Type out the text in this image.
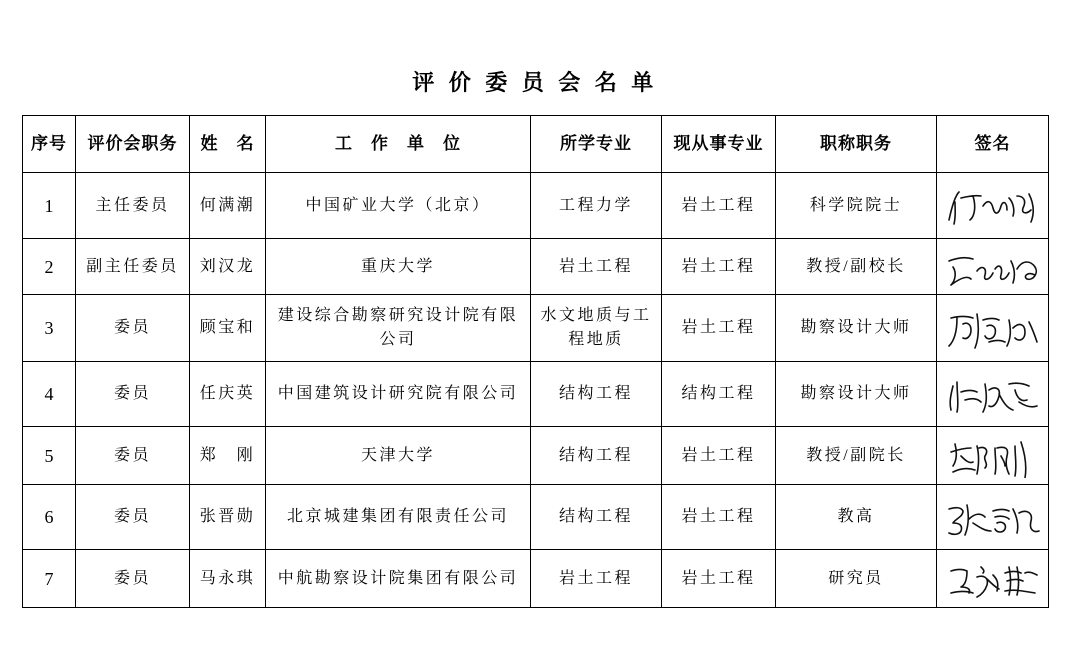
评 价 委 员 会 名 单
序号	评价会职务	姓　名	工　作　单　位	所学专业	现从事专业	职称职务	签名
1	主任委员	何满潮	中国矿业大学（北京）	工程力学	岩土工程	科学院院士	

2	副主任委员	刘汉龙	重庆大学	岩土工程	岩土工程	教授/副校长	

3	委员	顾宝和	建设综合勘察研究设计院有限公司	水文地质与工程地质	岩土工程	勘察设计大师	

4	委员	任庆英	中国建筑设计研究院有限公司	结构工程	结构工程	勘察设计大师	

5	委员	郑　刚	天津大学	结构工程	岩土工程	教授/副院长	

6	委员	张晋勋	北京城建集团有限责任公司	结构工程	岩土工程	教高	

7	委员	马永琪	中航勘察设计院集团有限公司	岩土工程	岩土工程	研究员	
